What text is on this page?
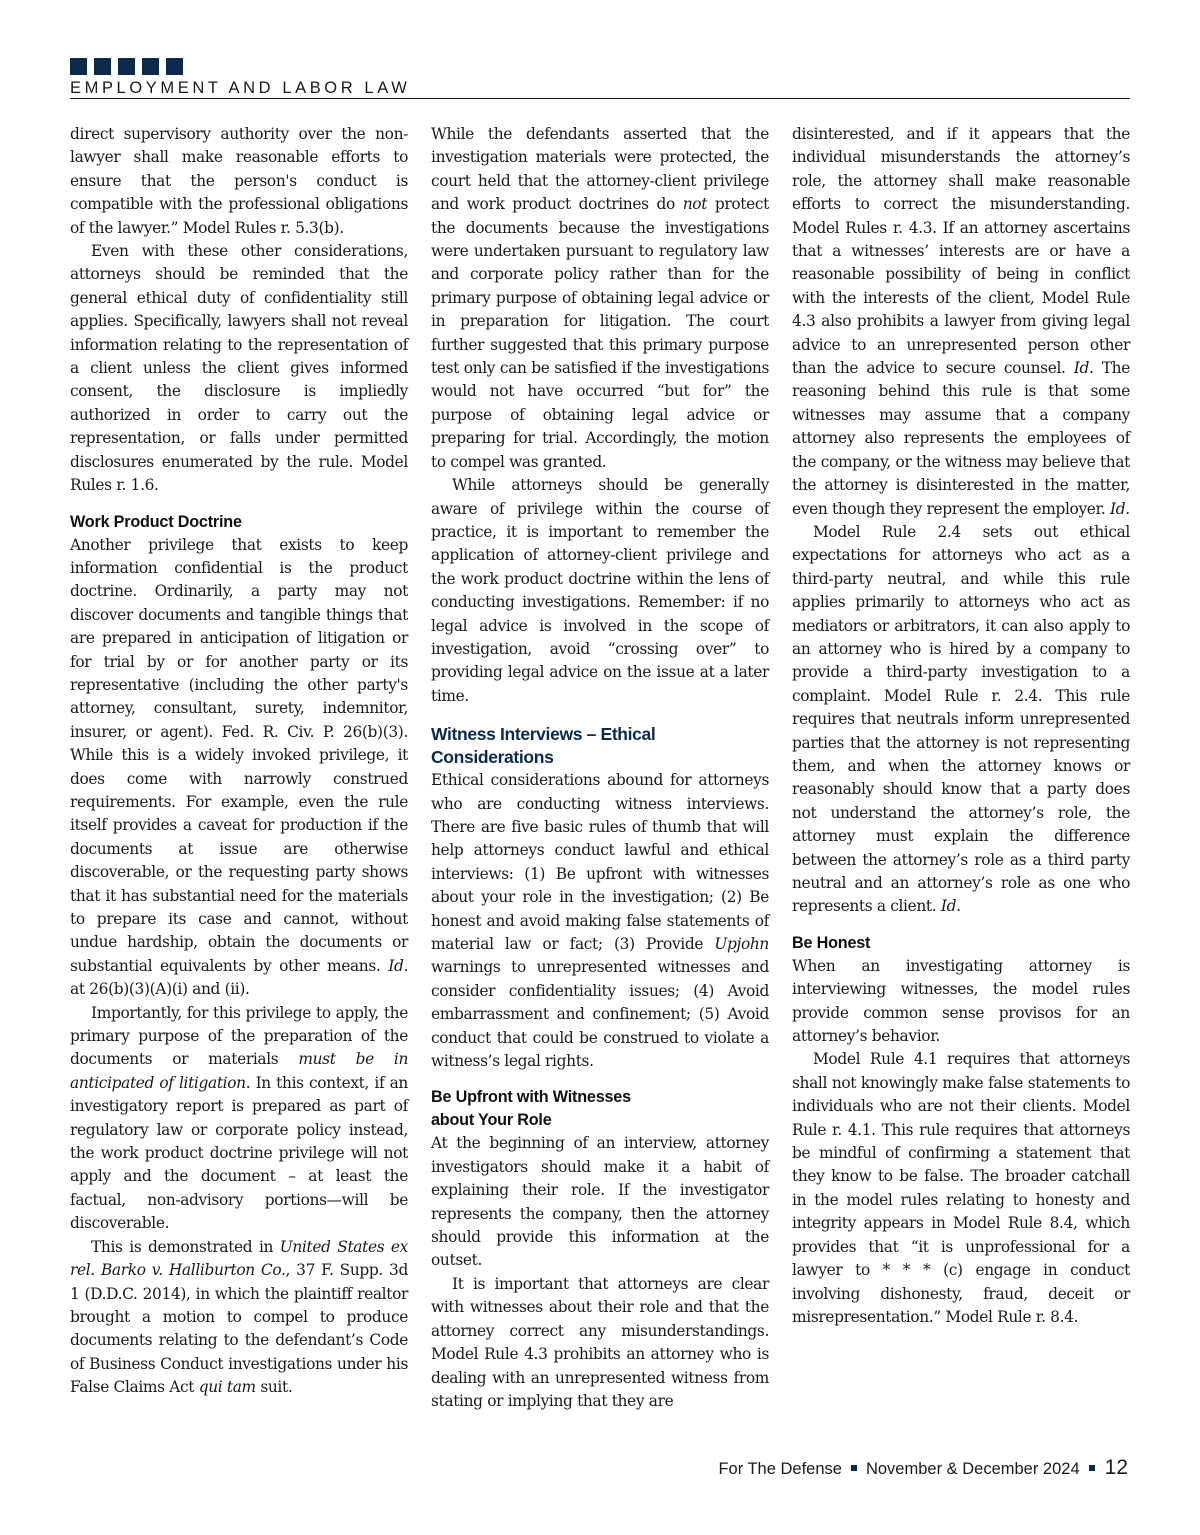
EMPLOYMENT AND LABOR LAW

direct supervisory authority over the non-lawyer shall make reasonable efforts to ensure that the person's conduct is compatible with the professional obligations of the lawyer.” Model Rules r. 5.3(b).

Even with these other considerations, attorneys should be reminded that the general ethical duty of confidentiality still applies. Specifically, lawyers shall not reveal information relating to the representation of a client unless the client gives informed consent, the disclosure is impliedly authorized in order to carry out the representation, or falls under permitted disclosures enumerated by the rule. Model Rules r. 1.6.

Work Product Doctrine

Another privilege that exists to keep information confidential is the product doctrine. Ordinarily, a party may not discover documents and tangible things that are prepared in anticipation of litigation or for trial by or for another party or its representative (including the other party's attorney, consultant, surety, indemnitor, insurer, or agent). Fed. R. Civ. P. 26(b)(3). While this is a widely invoked privilege, it does come with narrowly construed requirements. For example, even the rule itself provides a caveat for production if the documents at issue are otherwise discoverable, or the requesting party shows that it has substantial need for the materials to prepare its case and cannot, without undue hardship, obtain the documents or substantial equivalents by other means. Id. at 26(b)(3)(A)(i) and (ii).

Importantly, for this privilege to apply, the primary purpose of the preparation of the documents or materials must be in anticipated of litigation. In this context, if an investigatory report is prepared as part of regulatory law or corporate policy instead, the work product doctrine privilege will not apply and the document – at least the factual, non-advisory portions—will be discoverable.

This is demonstrated in United States ex rel. Barko v. Halliburton Co., 37 F. Supp. 3d 1 (D.D.C. 2014), in which the plaintiff realtor brought a motion to compel to produce documents relating to the defendant’s Code of Business Conduct investigations under his False Claims Act qui tam suit.

While the defendants asserted that the investigation materials were protected, the court held that the attorney-client privilege and work product doctrines do not protect the documents because the investigations were undertaken pursuant to regulatory law and corporate policy rather than for the primary purpose of obtaining legal advice or in preparation for litigation. The court further suggested that this primary purpose test only can be satisfied if the investigations would not have occurred “but for” the purpose of obtaining legal advice or preparing for trial. Accordingly, the motion to compel was granted.

While attorneys should be generally aware of privilege within the course of practice, it is important to remember the application of attorney-client privilege and the work product doctrine within the lens of conducting investigations. Remember: if no legal advice is involved in the scope of investigation, avoid “crossing over” to providing legal advice on the issue at a later time.

Witness Interviews – Ethical Considerations

Ethical considerations abound for attorneys who are conducting witness interviews. There are five basic rules of thumb that will help attorneys conduct lawful and ethical interviews: (1) Be upfront with witnesses about your role in the investigation; (2) Be honest and avoid making false statements of material law or fact; (3) Provide Upjohn warnings to unrepresented witnesses and consider confidentiality issues; (4) Avoid embarrassment and confinement; (5) Avoid conduct that could be construed to violate a witness’s legal rights.

Be Upfront with Witnesses about Your Role

At the beginning of an interview, attorney investigators should make it a habit of explaining their role. If the investigator represents the company, then the attorney should provide this information at the outset.

It is important that attorneys are clear with witnesses about their role and that the attorney correct any misunderstandings. Model Rule 4.3 prohibits an attorney who is dealing with an unrepresented witness from stating or implying that they are

disinterested, and if it appears that the individual misunderstands the attorney’s role, the attorney shall make reasonable efforts to correct the misunderstanding. Model Rules r. 4.3. If an attorney ascertains that a witnesses’ interests are or have a reasonable possibility of being in conflict with the interests of the client, Model Rule 4.3 also prohibits a lawyer from giving legal advice to an unrepresented person other than the advice to secure counsel. Id. The reasoning behind this rule is that some witnesses may assume that a company attorney also represents the employees of the company, or the witness may believe that the attorney is disinterested in the matter, even though they represent the employer. Id.

Model Rule 2.4 sets out ethical expectations for attorneys who act as a third-party neutral, and while this rule applies primarily to attorneys who act as mediators or arbitrators, it can also apply to an attorney who is hired by a company to provide a third-party investigation to a complaint. Model Rule r. 2.4. This rule requires that neutrals inform unrepresented parties that the attorney is not representing them, and when the attorney knows or reasonably should know that a party does not understand the attorney’s role, the attorney must explain the difference between the attorney’s role as a third party neutral and an attorney’s role as one who represents a client. Id.

Be Honest

When an investigating attorney is interviewing witnesses, the model rules provide common sense provisos for an attorney’s behavior.

Model Rule 4.1 requires that attorneys shall not knowingly make false statements to individuals who are not their clients. Model Rule r. 4.1. This rule requires that attorneys be mindful of confirming a statement that they know to be false. The broader catchall in the model rules relating to honesty and integrity appears in Model Rule 8.4, which provides that “it is unprofessional for a lawyer to * * * (c) engage in conduct involving dishonesty, fraud, deceit or misrepresentation.” Model Rule r. 8.4.

For The Defense November & December 2024 12
